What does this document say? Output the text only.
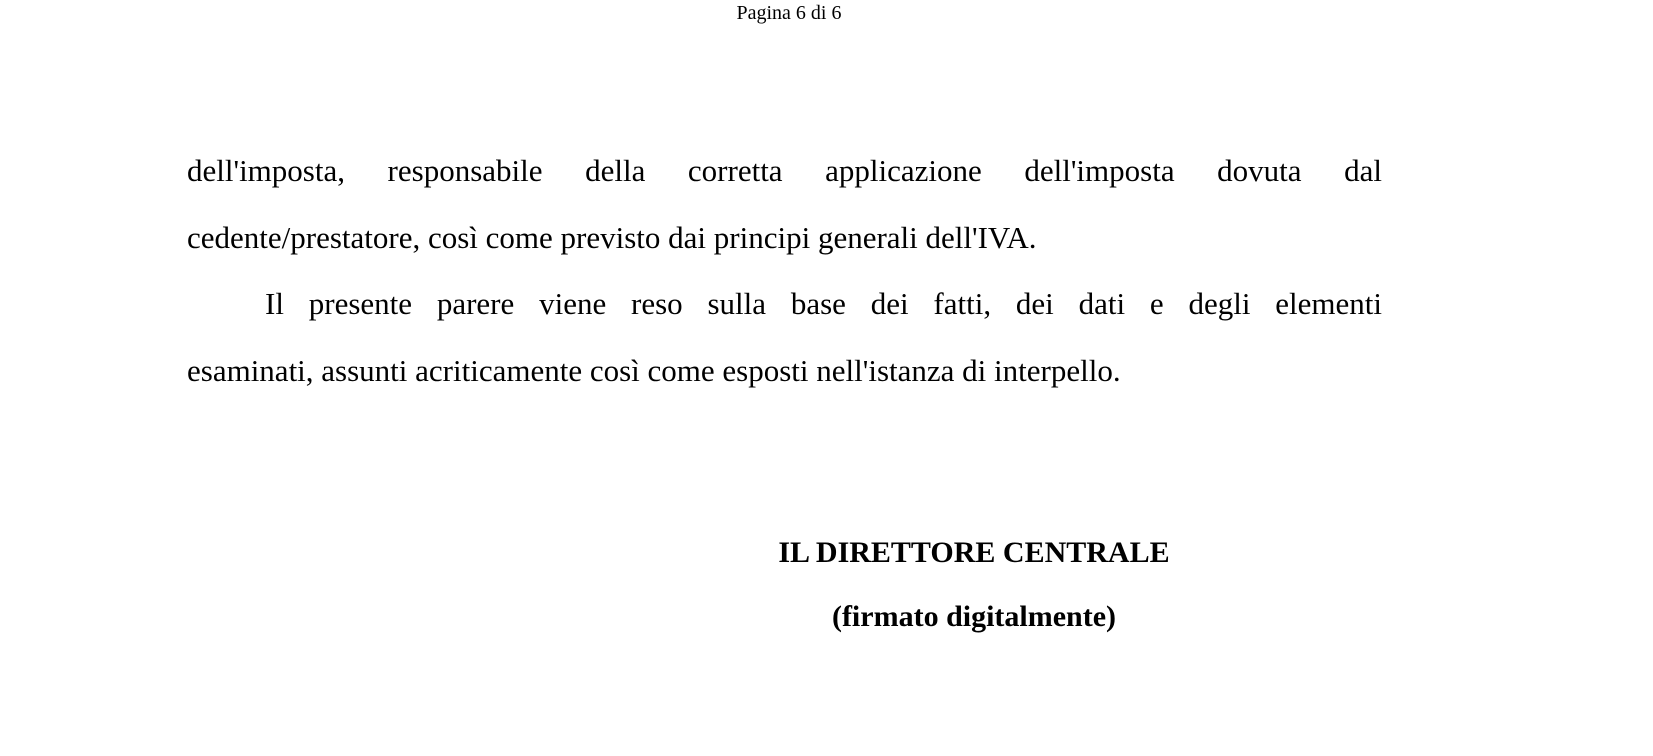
Pagina 6 di 6
dell'imposta, responsabile della corretta applicazione dell'imposta dovuta dal
cedente/prestatore, così come previsto dai principi generali dell'IVA.
Il presente parere viene reso sulla base dei fatti, dei dati e degli elementi
esaminati, assunti acriticamente così come esposti nell'istanza di interpello.
IL DIRETTORE CENTRALE
(firmato digitalmente)
